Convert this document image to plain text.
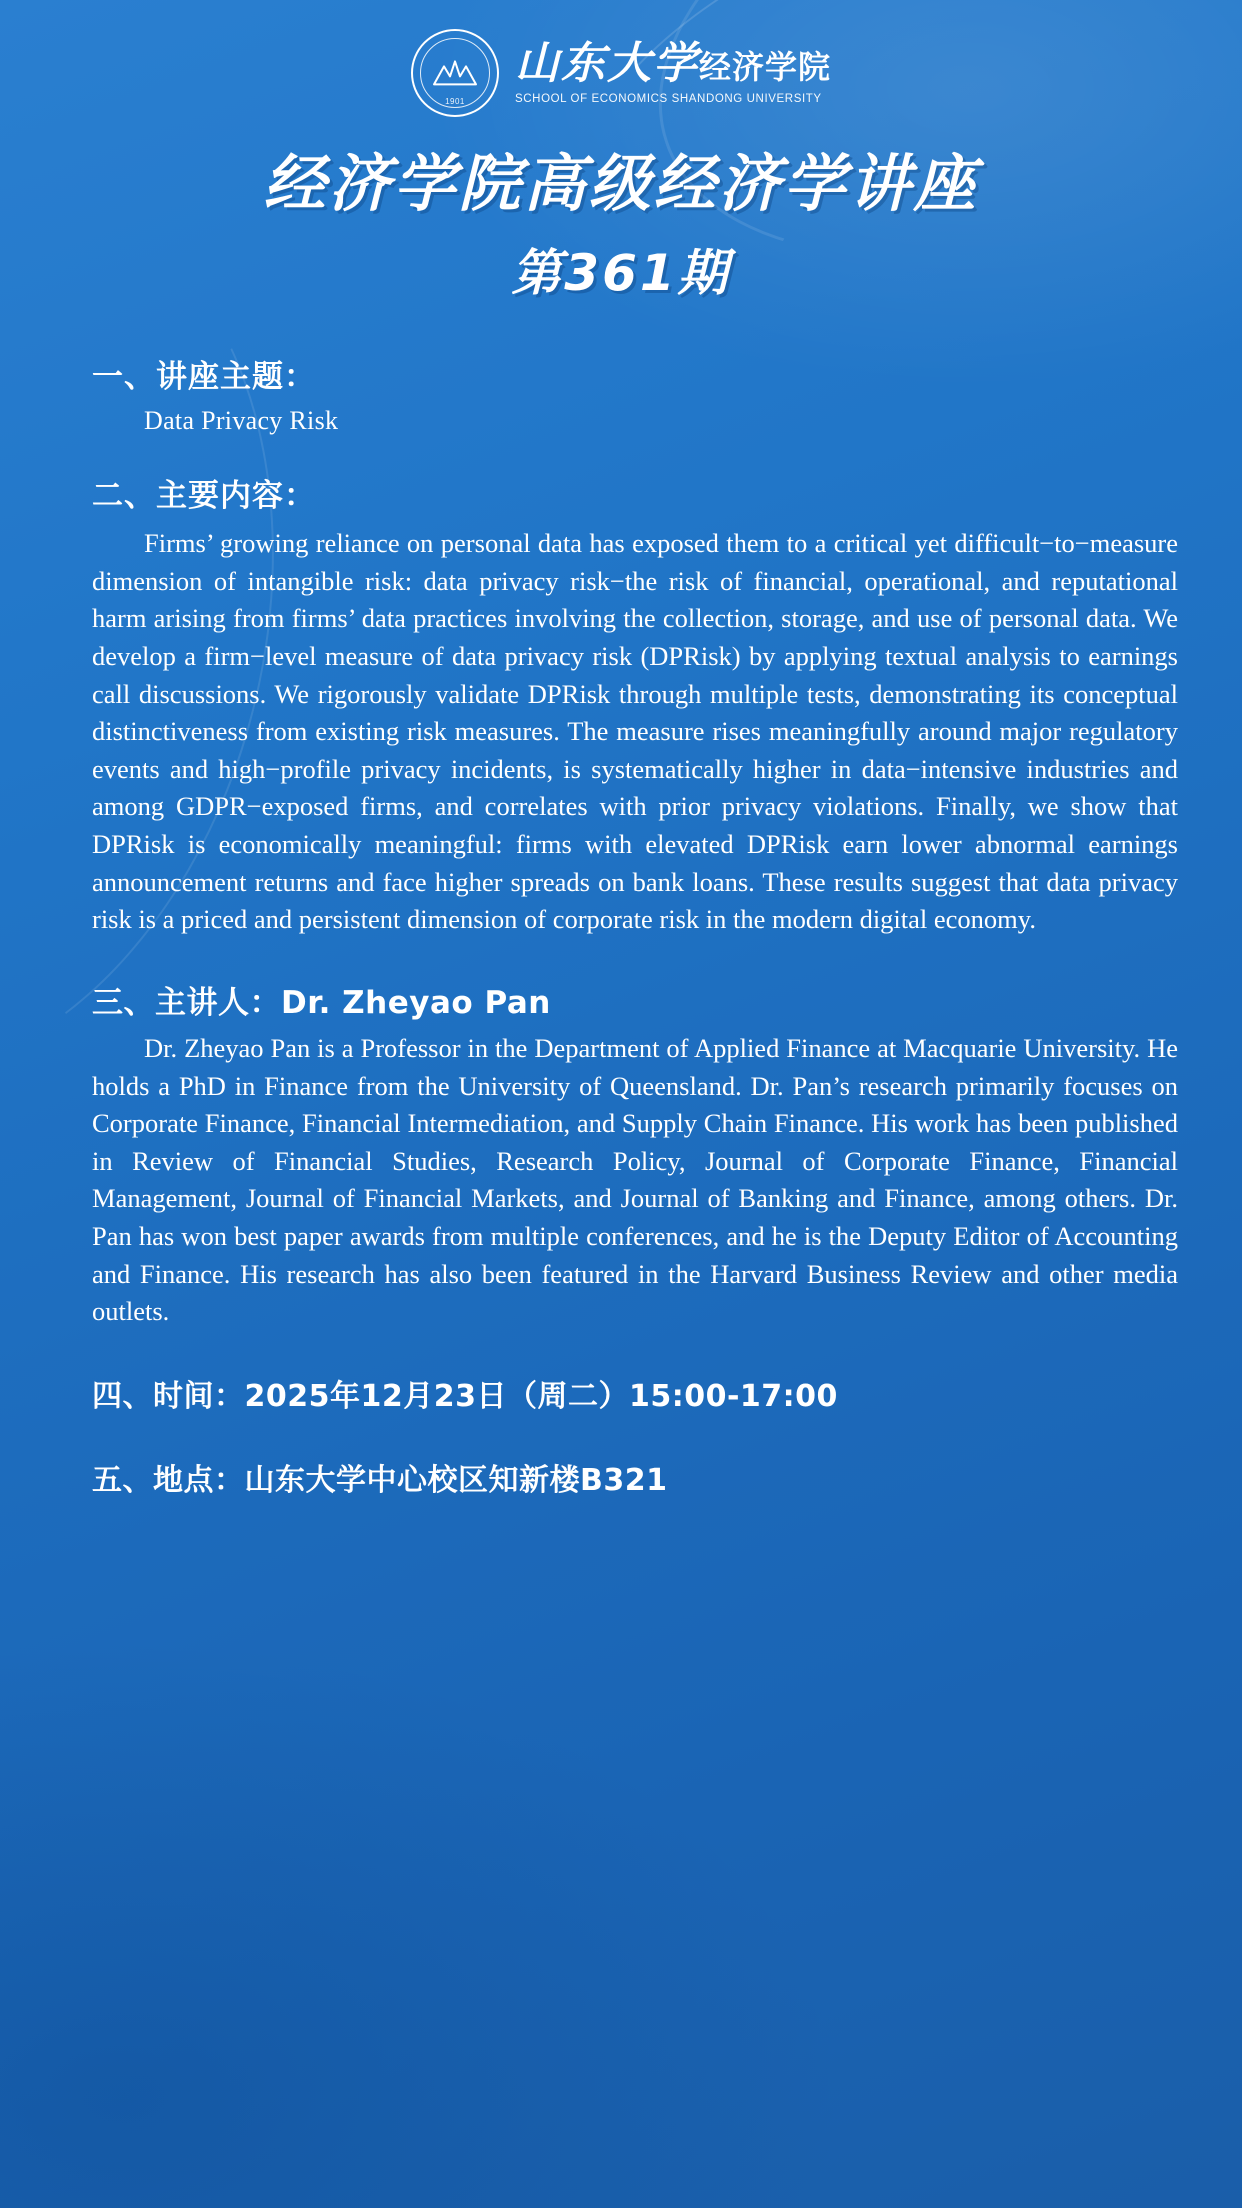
1901
山东大学经济学院
SCHOOL OF ECONOMICS SHANDONG UNIVERSITY
经济学院高级经济学讲座
第361期
一、讲座主题：
Data Privacy Risk
二、主要内容：
Firms’ growing reliance on personal data has exposed them to a critical yet difficult−to−measure dimension of intangible risk: data privacy risk−the risk of financial, operational, and reputational harm arising from firms’ data practices involving the collection, storage, and use of personal data. We develop a firm−level measure of data privacy risk (DPRisk) by applying textual analysis to earnings call discussions. We rigorously validate DPRisk through multiple tests, demonstrating its conceptual distinctiveness from existing risk measures. The measure rises meaningfully around major regulatory events and high−profile privacy incidents, is systematically higher in data−intensive industries and among GDPR−exposed firms, and correlates with prior privacy violations. Finally, we show that DPRisk is economically meaningful: firms with elevated DPRisk earn lower abnormal earnings announcement returns and face higher spreads on bank loans. These results suggest that data privacy risk is a priced and persistent dimension of corporate risk in the modern digital economy.
三、主讲人：Dr. Zheyao Pan
Dr. Zheyao Pan is a Professor in the Department of Applied Finance at Macquarie University. He holds a PhD in Finance from the University of Queensland. Dr. Pan’s research primarily focuses on Corporate Finance, Financial Intermediation, and Supply Chain Finance. His work has been published in Review of Financial Studies, Research Policy, Journal of Corporate Finance, Financial Management, Journal of Financial Markets, and Journal of Banking and Finance, among others. Dr. Pan has won best paper awards from multiple conferences, and he is the Deputy Editor of Accounting and Finance. His research has also been featured in the Harvard Business Review and other media outlets.
四、时间：2025年12月23日（周二）15:00-17:00
五、地点：山东大学中心校区知新楼B321
